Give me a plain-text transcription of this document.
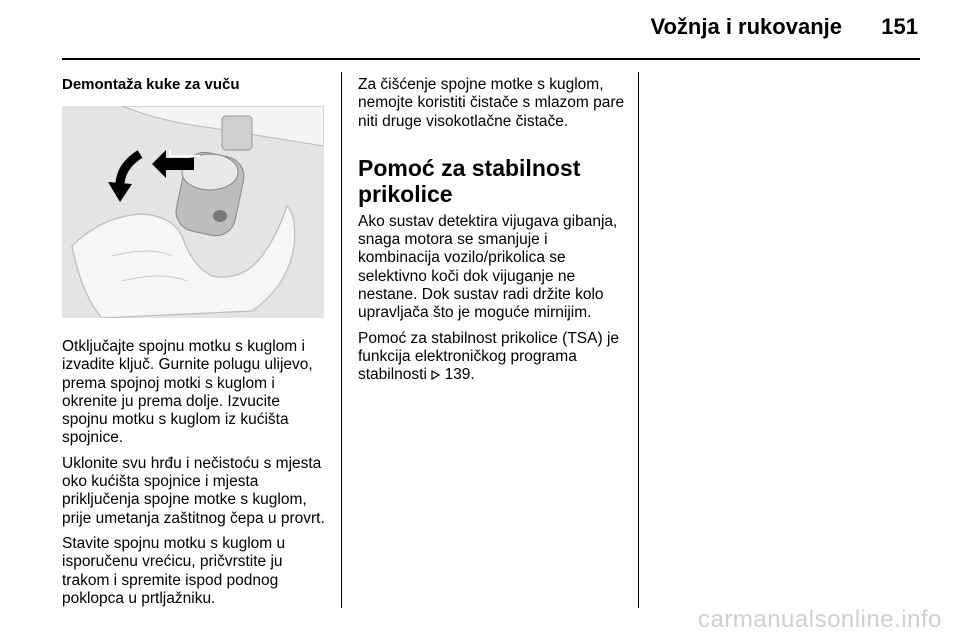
Vožnja i rukovanje 151
Demontaža kuke za vuču

Otključajte spojnu motku s kuglom i izvadite ključ. Gurnite polugu ulijevo, prema spojnoj motki s kuglom i okrenite ju prema dolje. Izvucite spojnu motku s kuglom iz kućišta spojnice.

Uklonite svu hrđu i nečistoću s mjesta oko kućišta spojnice i mjesta priključenja spojne motke s kuglom, prije umetanja zaštitnog čepa u provrt.

Stavite spojnu motku s kuglom u isporučenu vrećicu, pričvrstite ju trakom i spremite ispod podnog poklopca u prtljažniku.

Za čišćenje spojne motke s kuglom, nemojte koristiti čistače s mlazom pare niti druge visokotlačne čistače.

Pomoć za stabilnost prikolice

Ako sustav detektira vijugava gibanja, snaga motora se smanjuje i kombinacija vozilo/prikolica se selektivno koči dok vijuganje ne nestane. Dok sustav radi držite kolo upravljača što je moguće mirnijim.

Pomoć za stabilnost prikolice (TSA) je funkcija elektroničkog programa stabilnosti 139.

carmanualsonline.info
